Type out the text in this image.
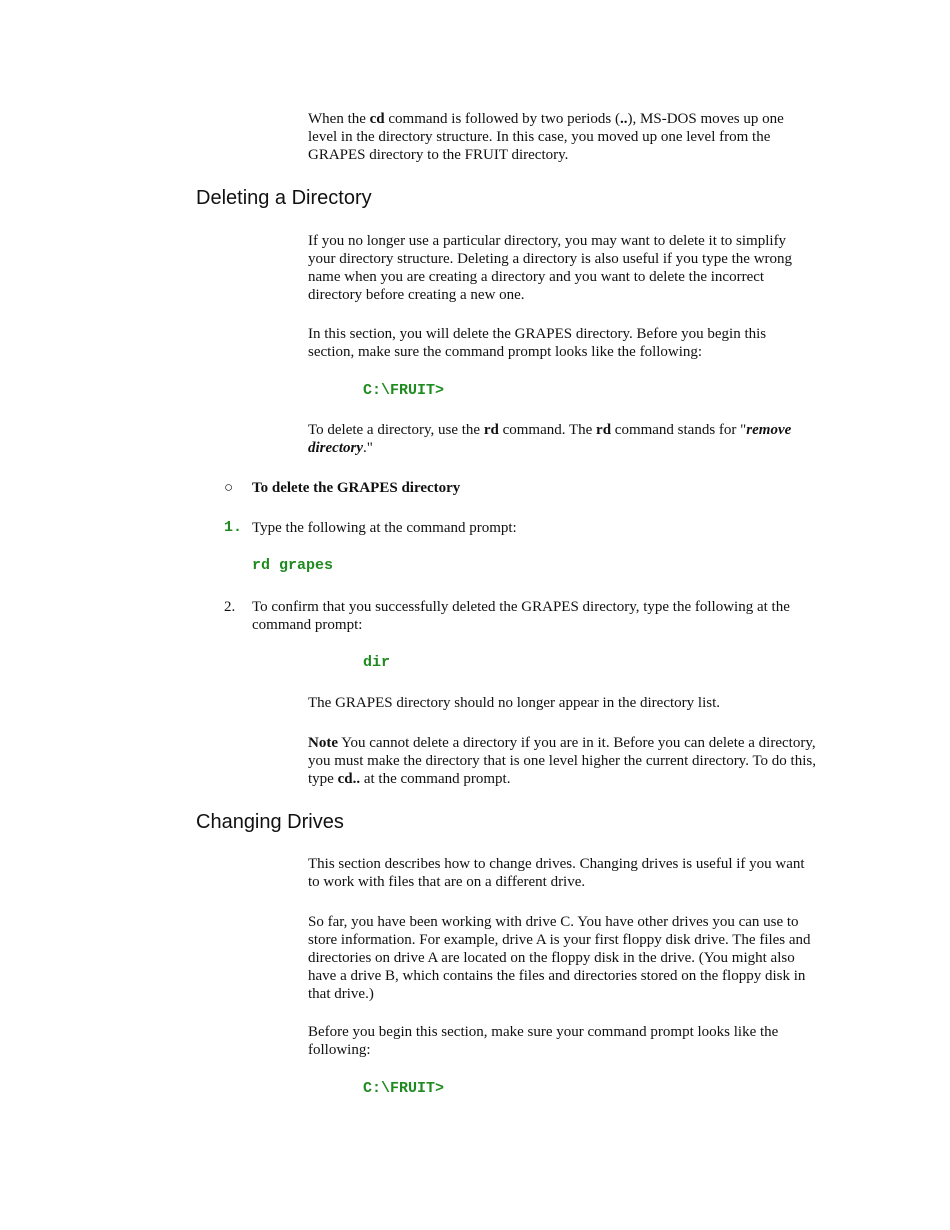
When the cd command is followed by two periods (..), MS-DOS moves up one level in the directory structure. In this case, you moved up one level from the GRAPES directory to the FRUIT directory.

Deleting a Directory

If you no longer use a particular directory, you may want to delete it to simplify your directory structure. Deleting a directory is also useful if you type the wrong name when you are creating a directory and you want to delete the incorrect directory before creating a new one.

In this section, you will delete the GRAPES directory. Before you begin this section, make sure the command prompt looks like the following:

C:\FRUIT>

To delete a directory, use the rd command. The rd command stands for "remove directory."

○	To delete the GRAPES directory

1. Type the following at the command prompt:

rd grapes
2.	To confirm that you successfully deleted the GRAPES directory, type the following at the command prompt:

dir

The GRAPES directory should no longer appear in the directory list.

Note You cannot delete a directory if you are in it. Before you can delete a directory, you must make the directory that is one level higher the current directory. To do this, type cd.. at the command prompt.

Changing Drives

This section describes how to change drives. Changing drives is useful if you want to work with files that are on a different drive.

So far, you have been working with drive C. You have other drives you can use to store information. For example, drive A is your first floppy disk drive. The files and directories on drive A are located on the floppy disk in the drive. (You might also have a drive B, which contains the files and directories stored on the floppy disk in that drive.)

Before you begin this section, make sure your command prompt looks like the following:

C:\FRUIT>
